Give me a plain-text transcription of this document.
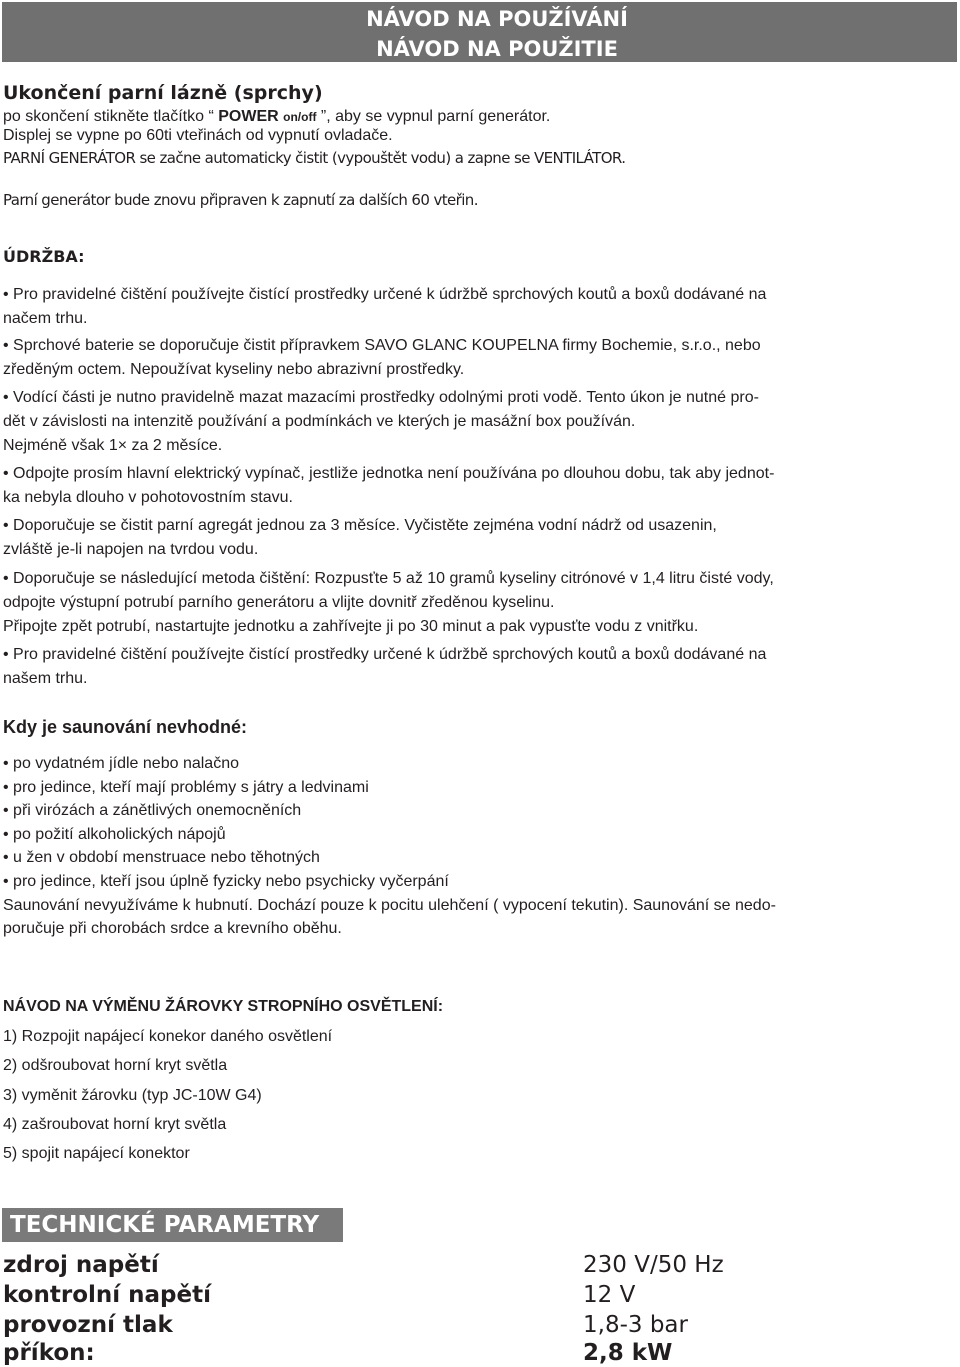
NÁVOD NA POUŽÍVÁNÍ
NÁVOD NA POUŽITIE
Ukončení parní lázně (sprchy)
po skončení stikněte tlačítko “ POWER on/off ”, aby se vypnul parní generátor.
Displej se vypne po 60ti vteřinách od vypnutí ovladače.
PARNÍ GENERÁTOR se začne automaticky čistit (vypouštět vodu) a zapne se VENTILÁTOR.
Parní generátor bude znovu připraven k zapnutí za dalších 60 vteřin.
ÚDRŽBA:
• Pro pravidelné čištění používejte čistící prostředky určené k údržbě sprchových koutů a boxů dodávané na
načem trhu.
• Sprchové baterie se doporučuje čistit přípravkem SAVO GLANC KOUPELNA firmy Bochemie, s.r.o., nebo
zředěným octem. Nepoužívat kyseliny nebo abrazivní prostředky.
• Vodící části je nutno pravidelně mazat mazacími prostředky odolnými proti vodě. Tento úkon je nutné pro-
dět v závislosti na intenzitě používání a podmínkách ve kterých je masážní box používán.
Nejméně však 1× za 2 měsíce.
• Odpojte prosím hlavní elektrický vypínač, jestliže jednotka není používána po dlouhou dobu, tak aby jednot-
ka nebyla dlouho v pohotovostním stavu.
• Doporučuje se čistit parní agregát jednou za 3 měsíce. Vyčistěte zejména vodní nádrž od usazenin,
zvláště je-li napojen na tvrdou vodu.
• Doporučuje se následující metoda čištění: Rozpusťte 5 až 10 gramů kyseliny citrónové v 1,4 litru čisté vody,
odpojte výstupní potrubí parního generátoru a vlijte dovnitř zředěnou kyselinu.
Připojte zpět potrubí, nastartujte jednotku a zahřívejte ji po 30 minut a pak vypusťte vodu z vnitřku.
• Pro pravidelné čištění používejte čistící prostředky určené k údržbě sprchových koutů a boxů dodávané na
našem trhu.
Kdy je saunování nevhodné:
• po vydatném jídle nebo nalačno
• pro jedince, kteří mají problémy s játry a ledvinami
• při virózách a zánětlivých onemocněních
• po požití alkoholických nápojů
• u žen v období menstruace nebo těhotných
• pro jedince, kteří jsou úplně fyzicky nebo psychicky vyčerpání
Saunování nevyužíváme k hubnutí. Dochází pouze k pocitu ulehčení ( vypocení tekutin). Saunování se nedo-
poručuje při chorobách srdce a krevního oběhu.
NÁVOD NA VÝMĚNU ŽÁROVKY STROPNÍHO OSVĚTLENÍ:
1) Rozpojit napájecí konekor daného osvětlení
2) odšroubovat horní kryt světla
3) vyměnit žárovku (typ JC-10W G4)
4) zašroubovat horní kryt světla
5) spojit napájecí konektor
TECHNICKÉ PARAMETRY
zdroj napětí	230 V/50 Hz
kontrolní napětí	12 V
provozní tlak	1,8-3 bar
příkon:	2,8 kW
